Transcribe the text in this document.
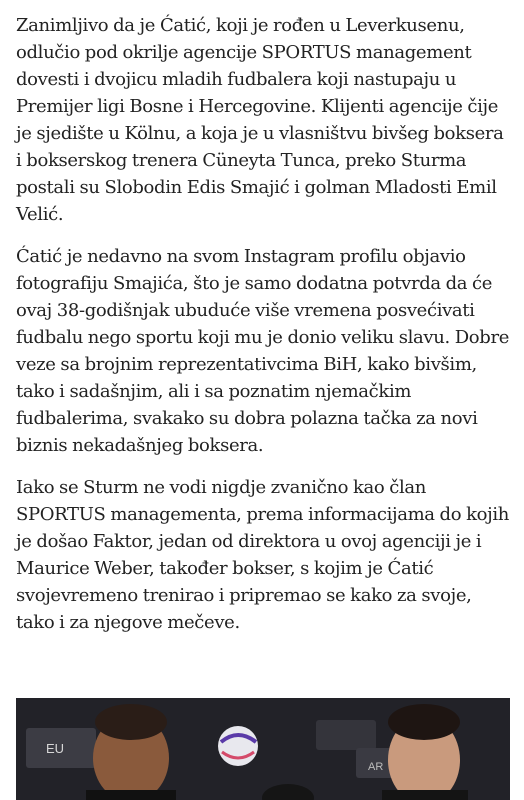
Zanimljivo da je Ćatić, koji je rođen u Leverkusenu, odlučio pod okrilje agencije SPORTUS management dovesti i dvojicu mladih fudbalera koji nastupaju u Premijer ligi Bosne i Hercegovine. Klijenti agencije čije je sjedište u Kölnu, a koja je u vlasništvu bivšeg boksera i bokserskog trenera Cüneyta Tunca, preko Sturma postali su Slobodin Edis Smajić i golman Mladosti Emil Velić.

Ćatić je nedavno na svom Instagram profilu objavio fotografiju Smajića, što je samo dodatna potvrda da će ovaj 38-godišnjak ubuduće više vremena posvećivati fudbalu nego sportu koji mu je donio veliku slavu. Dobre veze sa brojnim reprezentativcima BiH, kako bivšim, tako i sadašnjim, ali i sa poznatim njemačkim fudbalerima, svakako su dobra polazna tačka za novi biznis nekadašnjeg boksera.

Iako se Sturm ne vodi nigdje zvanično kao član SPORTUS managementa, prema informacijama do kojih je došao Faktor, jedan od direktora u ovoj agenciji je i Maurice Weber, također bokser, s kojim je Ćatić svojevremeno trenirao i pripremao se kako za svoje, tako i za njegove mečeve.

EU
AR
